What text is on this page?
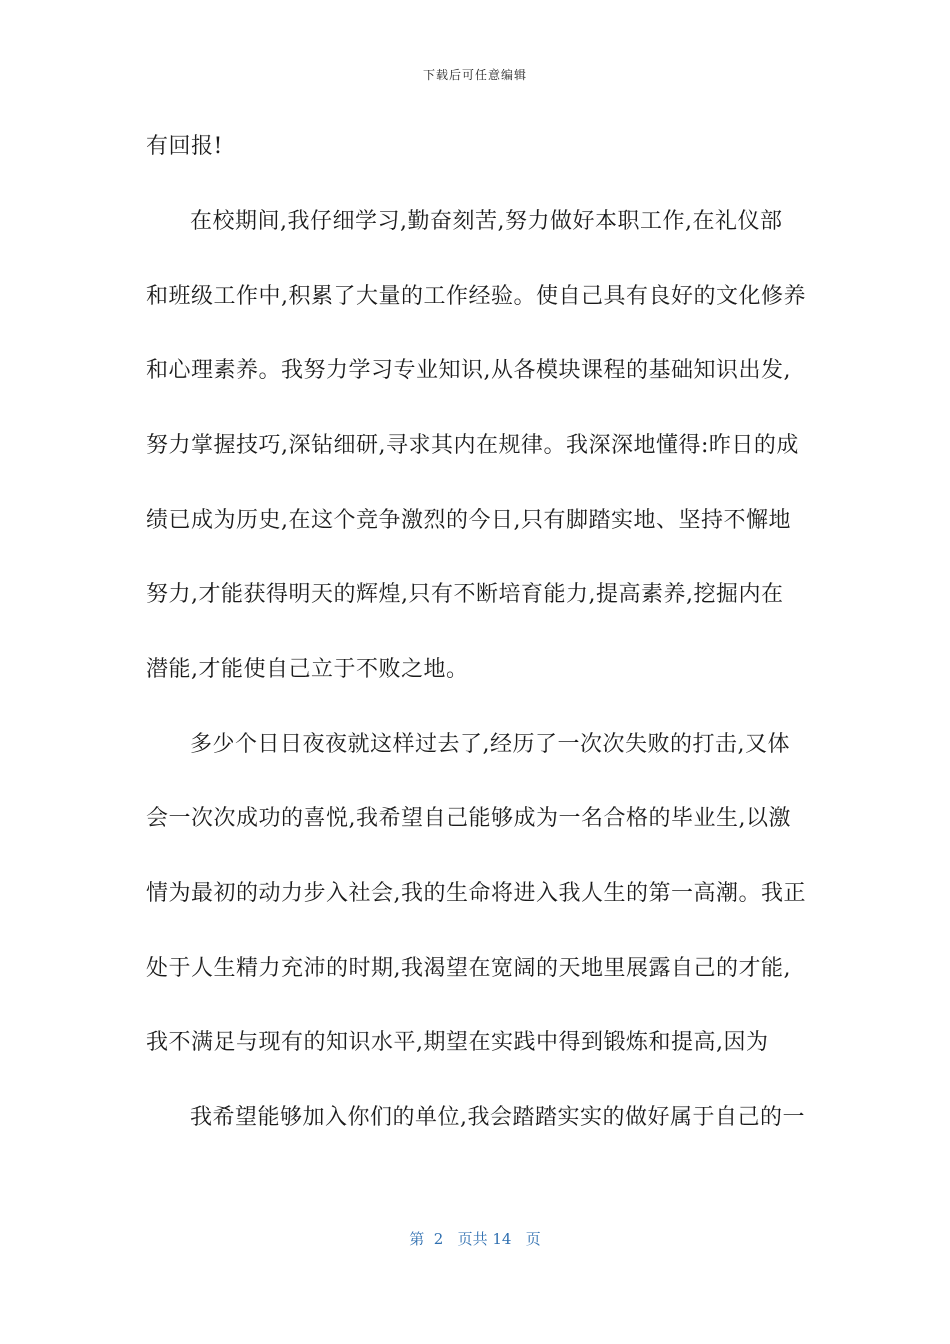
下载后可任意编辑
有回报!
在校期间,我仔细学习,勤奋刻苦,努力做好本职工作,在礼仪部
和班级工作中,积累了大量的工作经验。使自己具有良好的文化修养
和心理素养。我努力学习专业知识,从各模块课程的基础知识出发,
努力掌握技巧,深钻细研,寻求其内在规律。我深深地懂得:昨日的成
绩已成为历史,在这个竞争激烈的今日,只有脚踏实地、坚持不懈地
努力,才能获得明天的辉煌,只有不断培育能力,提高素养,挖掘内在
潜能,才能使自己立于不败之地。
多少个日日夜夜就这样过去了,经历了一次次失败的打击,又体
会一次次成功的喜悦,我希望自己能够成为一名合格的毕业生,以激
情为最初的动力步入社会,我的生命将进入我人生的第一高潮。我正
处于人生精力充沛的时期,我渴望在宽阔的天地里展露自己的才能,
我不满足与现有的知识水平,期望在实践中得到锻炼和提高,因为
我希望能够加入你们的单位,我会踏踏实实的做好属于自己的一
第  2   页共 14   页
